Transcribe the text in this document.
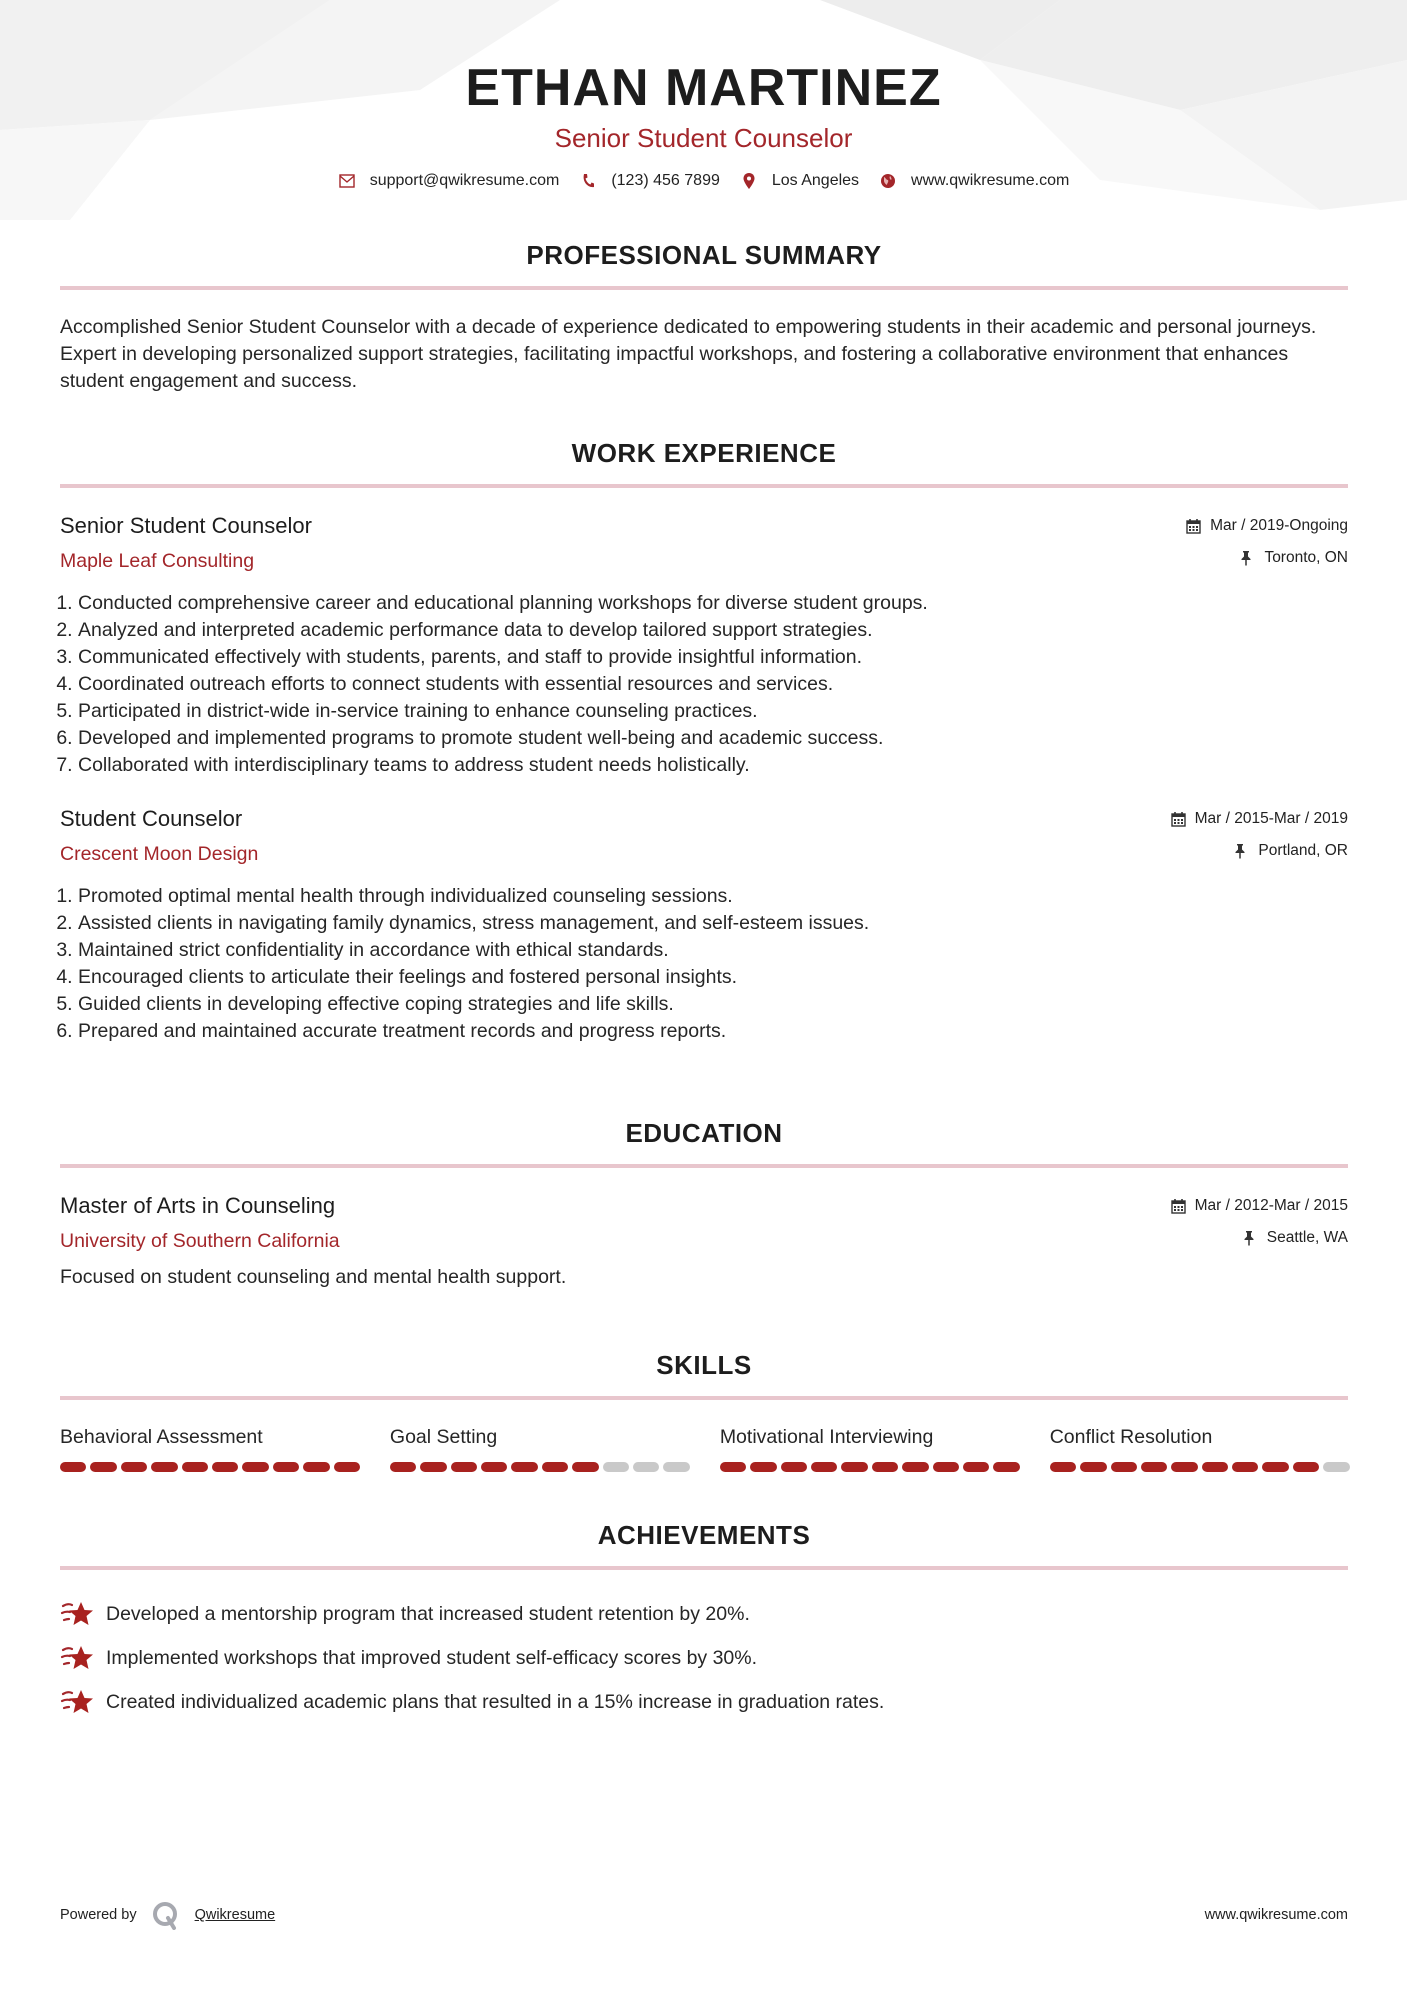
ETHAN MARTINEZ
Senior Student Counselor
support@qwikresume.com	(123) 456 7899	Los Angeles	www.qwikresume.com
PROFESSIONAL SUMMARY

Accomplished Senior Student Counselor with a decade of experience dedicated to empowering students in their academic and personal journeys. Expert in developing personalized support strategies, facilitating impactful workshops, and fostering a collaborative environment that enhances student engagement and success.

WORK EXPERIENCE
Senior Student Counselor
Maple Leaf Consulting
Mar / 2019-Ongoing
Toronto, ON
1. Conducted comprehensive career and educational planning workshops for diverse student groups.
2. Analyzed and interpreted academic performance data to develop tailored support strategies.
3. Communicated effectively with students, parents, and staff to provide insightful information.
4. Coordinated outreach efforts to connect students with essential resources and services.
5. Participated in district-wide in-service training to enhance counseling practices.
6. Developed and implemented programs to promote student well-being and academic success.
7. Collaborated with interdisciplinary teams to address student needs holistically.
Student Counselor
Crescent Moon Design
Mar / 2015-Mar / 2019
Portland, OR
1. Promoted optimal mental health through individualized counseling sessions.
2. Assisted clients in navigating family dynamics, stress management, and self-esteem issues.
3. Maintained strict confidentiality in accordance with ethical standards.
4. Encouraged clients to articulate their feelings and fostered personal insights.
5. Guided clients in developing effective coping strategies and life skills.
6. Prepared and maintained accurate treatment records and progress reports.
EDUCATION
Master of Arts in Counseling
University of Southern California
Mar / 2012-Mar / 2015
Seattle, WA
Focused on student counseling and mental health support.
SKILLS
Behavioral Assessment	Goal Setting	Motivational Interviewing	Conflict Resolution
ACHIEVEMENTS
Developed a mentorship program that increased student retention by 20%.
Implemented workshops that improved student self-efficacy scores by 30%.
Created individualized academic plans that resulted in a 15% increase in graduation rates.
Powered by	Qwikresume	www.qwikresume.com
